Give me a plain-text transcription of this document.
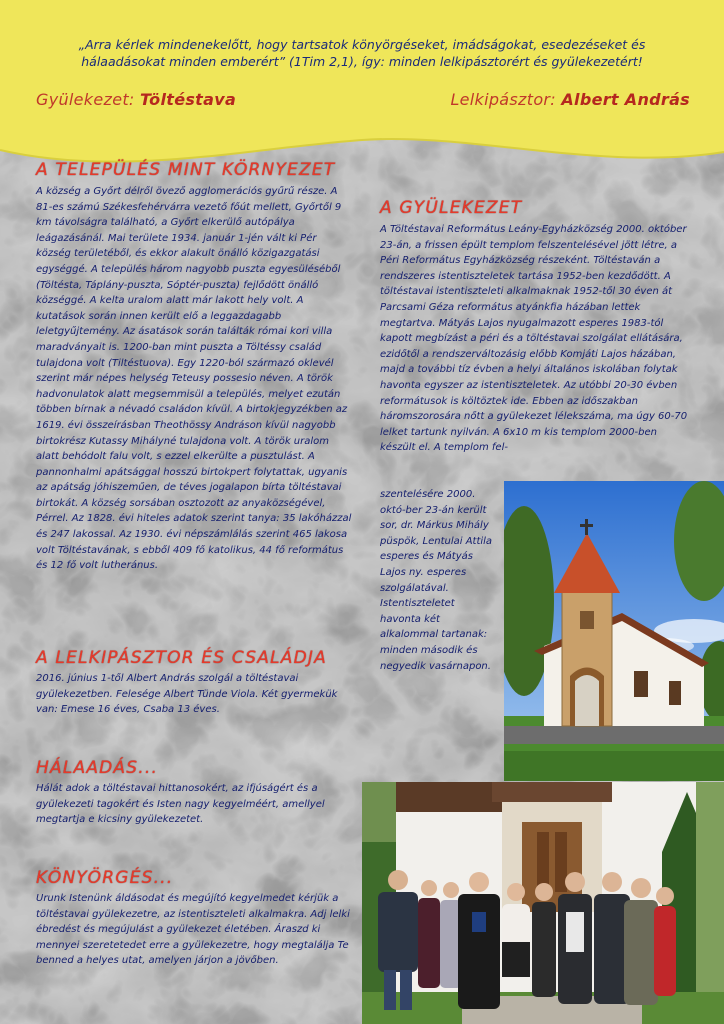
„Arra kérlek mindenekelőtt, hogy tartsatok könyörgéseket, imádságokat, esedezéseket és hálaadásokat minden emberért” (1Tim 2,1), így: minden lelkipásztorért és gyülekezetért!
Gyülekezet: Töltéstava	Lelkipásztor: Albert András
A TELEPÜLÉS MINT KÖRNYEZET

A község a Győrt délről övező agglomerációs gyűrű része. A 81-es számú Székesfehérvárra vezető főút mellett, Győrtől 9 km távolságra található, a Győrt elkerülő autópálya leágazásánál. Mai területe 1934. január 1-jén vált ki Pér község területéből, és ekkor alakult önálló közigazgatási egységgé. A település három nagyobb puszta egyesüléséből (Töltésta, Táplány-puszta, Sóptér-puszta) fejlődött önálló községgé. A kelta uralom alatt már lakott hely volt. A kutatások során innen került elő a leggazdagabb leletgyűjtemény. Az ásatások során találták római kori villa maradványait is. 1200-ban mint puszta a Töltéssy család tulajdona volt (Tiltéstuova). Egy 1220-ból származó oklevél szerint már népes helység Teteusy possesio néven. A török hadvonulatok alatt megsemmisül a település, melyet ezután többen bírnak a névadó családon kívül. A birtokjegyzékben az 1619. évi összeírásban Theothössy Andráson kívül nagyobb birtokrész Kutassy Mihályné tulajdona volt. A török uralom alatt behódolt falu volt, s ezzel elkerülte a pusztulást. A pannonhalmi apátsággal hosszú birtokpert folytattak, ugyanis az apátság jóhiszeműen, de téves jogalapon bírta töltéstavai birtokát. A község sorsában osztozott az anyaközségével, Pérrel. Az 1828. évi hiteles adatok szerint tanya: 35 lakóházzal és 247 lakossal. Az 1930. évi népszámlálás szerint 465 lakosa volt Töltéstavának, s ebből 409 fő katolikus, 44 fő református és 12 fő volt lutheránus.

A GYÜLEKEZET

A Töltéstavai Református Leány-Egyházközség 2000. október 23-án, a frissen épült templom felszentelésével jött létre, a Péri Református Egyházközség részeként. Töltéstaván a rendszeres istentiszteletek tartása 1952-ben kezdődött. A töltéstavai istentiszteleti alkalmaknak 1952-től 30 éven át Parcsami Géza református atyánkfia házában lettek megtartva. Mátyás Lajos nyugalmazott esperes 1983-tól kapott megbízást a péri és a töltéstavai szolgálat ellátására, ezidőtől a rendszerváltozásig előbb Komjáti Lajos házában, majd a további tíz évben a helyi általános iskolában folytak havonta egyszer az istentiszteletek. Az utóbbi 20-30 évben reformátusok is költöztek ide. Ebben az időszakban háromszorosára nőtt a gyülekezet lélekszáma, ma úgy 60-70 lelket tartunk nyilván. A 6x10 m kis templom 2000-ben készült el. A templom fel-

szentelésére 2000. októ-ber 23-án került sor, dr. Márkus Mihály püspök, Lentulai Attila esperes és Mátyás Lajos ny. esperes szolgálatával. Istentiszteletet havonta két alkalommal tartanak: minden második és negyedik vasárnapon.

A LELKIPÁSZTOR ÉS CSALÁDJA

2016. június 1-től Albert András szolgál a töltéstavai gyülekezetben. Felesége Albert Tünde Viola. Két gyermekük van: Emese 16 éves, Csaba 13 éves.

HÁLAADÁS...

Hálát adok a töltéstavai hittanosokért, az ifjúságért és a gyülekezeti tagokért és Isten nagy kegyelméért, amellyel megtartja e kicsiny gyülekezetet.

KÖNYÖRGÉS...

Urunk Istenünk áldásodat és megújító kegyelmedet kérjük a töltéstavai gyülekezetre, az istentiszteleti alkalmakra. Adj lelki ébredést és megújulást a gyülekezet életében. Áraszd ki mennyei szeretetedet erre a gyülekezetre, hogy megtalálja Te benned a helyes utat, amelyen járjon a jövőben.
